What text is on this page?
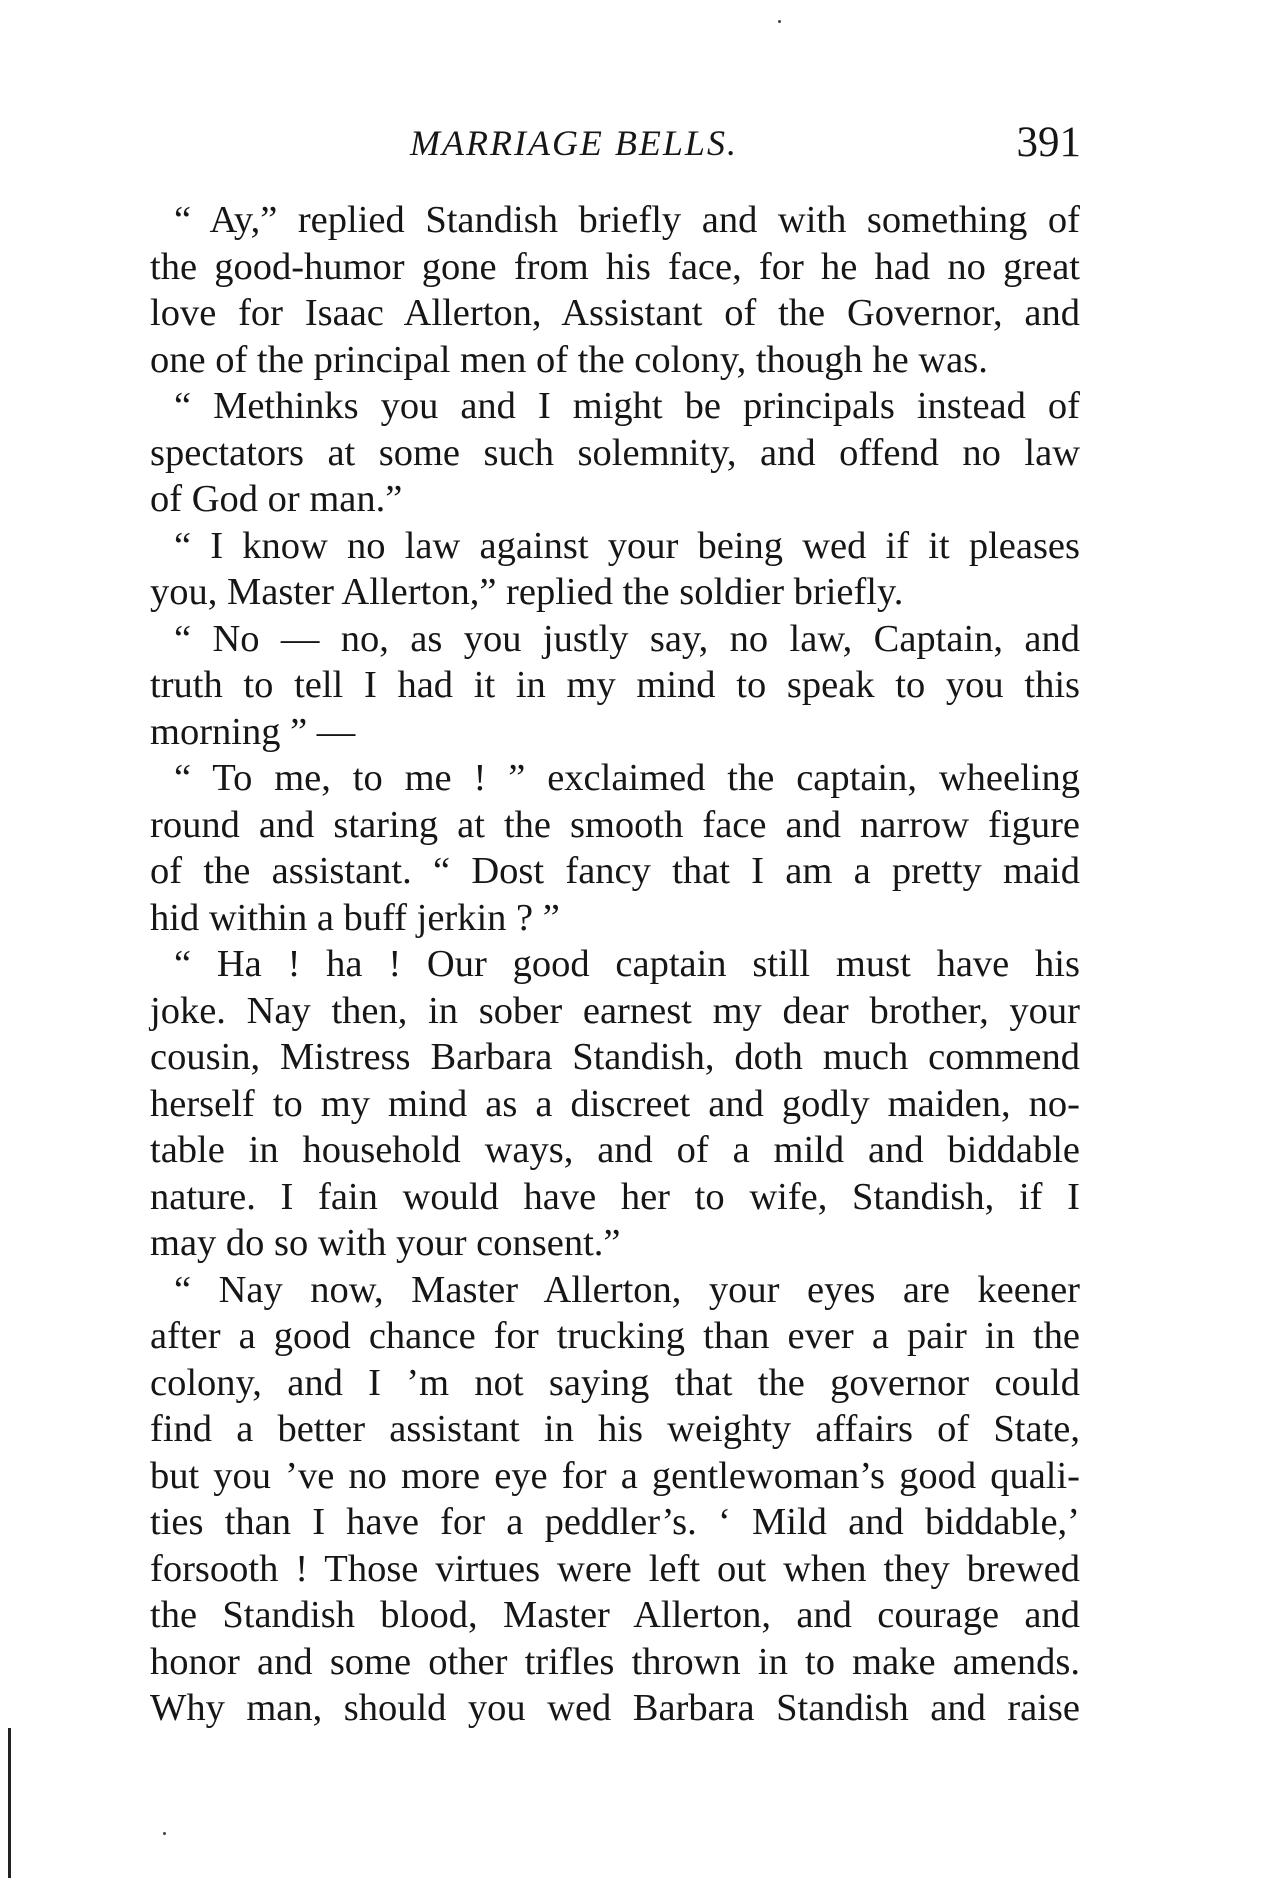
MARRIAGE BELLS.	391
“ Ay,” replied Standish briefly and with something of
the good-humor gone from his face, for he had no great
love for Isaac Allerton, Assistant of the Governor, and
one of the principal men of the colony, though he was.
“ Methinks you and I might be principals instead of
spectators at some such solemnity, and offend no law
of God or man.”
“ I know no law against your being wed if it pleases
you, Master Allerton,” replied the soldier briefly.
“ No — no, as you justly say, no law, Captain, and
truth to tell I had it in my mind to speak to you this
morning ” —
“ To me, to me ! ” exclaimed the captain, wheeling
round and staring at the smooth face and narrow figure
of the assistant. “ Dost fancy that I am a pretty maid
hid within a buff jerkin ? ”
“ Ha ! ha ! Our good captain still must have his
joke. Nay then, in sober earnest my dear brother, your
cousin, Mistress Barbara Standish, doth much commend
herself to my mind as a discreet and godly maiden, no-
table in household ways, and of a mild and biddable
nature. I fain would have her to wife, Standish, if I
may do so with your consent.”
“ Nay now, Master Allerton, your eyes are keener
after a good chance for trucking than ever a pair in the
colony, and I ’m not saying that the governor could
find a better assistant in his weighty affairs of State,
but you ’ve no more eye for a gentlewoman’s good quali-
ties than I have for a peddler’s. ‘ Mild and biddable,’
forsooth ! Those virtues were left out when they brewed
the Standish blood, Master Allerton, and courage and
honor and some other trifles thrown in to make amends.
Why man, should you wed Barbara Standish and raise
